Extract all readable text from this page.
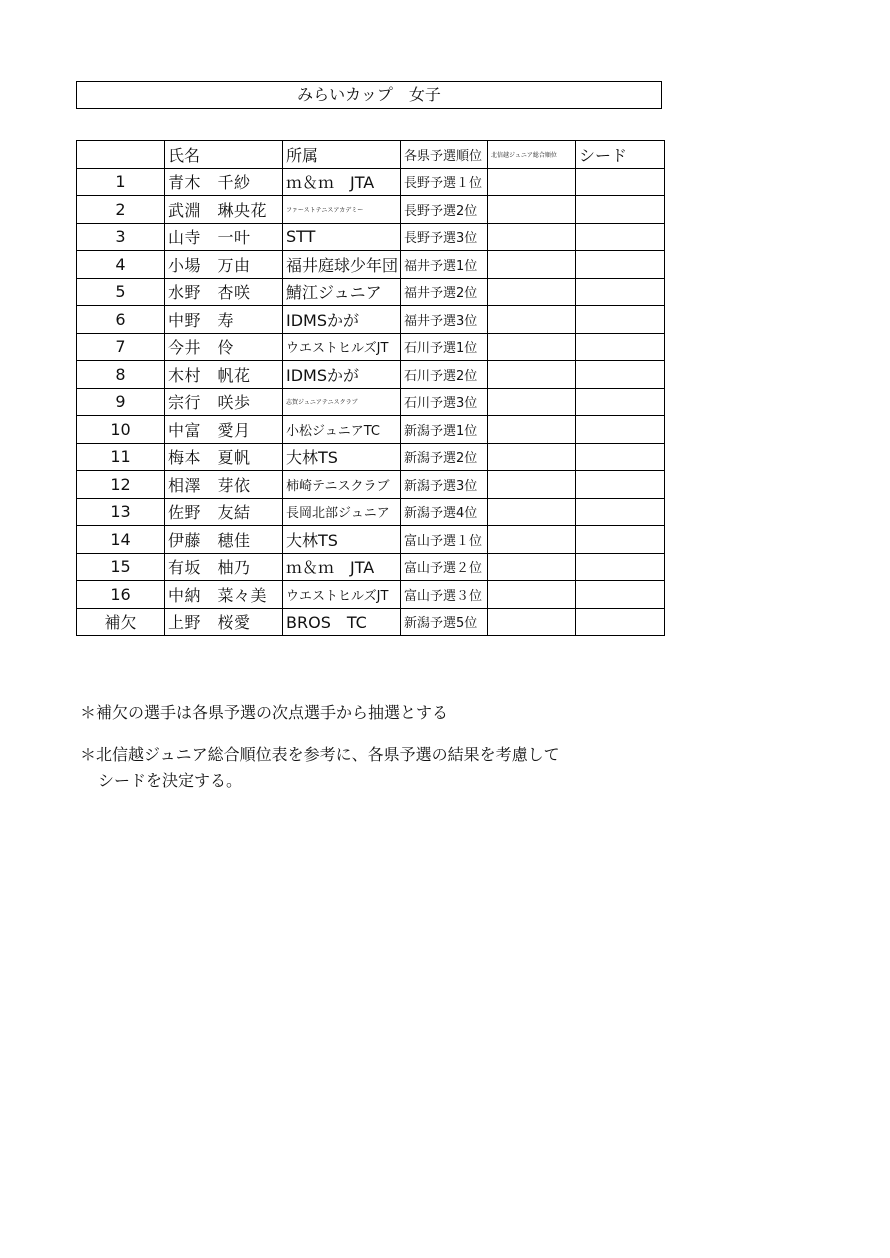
みらいカップ　女子
	氏名	所属	各県予選順位	北信越ジュニア総合順位	シード
1	青木　千紗	ｍ＆ｍ　JTA	長野予選１位		
2	武淵　琳央花	ファーストテニスアカデミー	長野予選2位		
3	山寺　一叶	STT	長野予選3位		
4	小場　万由	福井庭球少年団	福井予選1位		
5	水野　杏咲	鯖江ジュニア	福井予選2位		
6	中野　寿	IDMSかが	福井予選3位		
7	今井　伶	ウエストヒルズJT	石川予選1位		
8	木村　帆花	IDMSかが	石川予選2位		
9	宗行　咲歩	志賀ジュニアテニスクラブ	石川予選3位		
10	中富　愛月	小松ジュニアTC	新潟予選1位		
11	梅本　夏帆	大林TS	新潟予選2位		
12	相澤　芽依	柿崎テニスクラブ	新潟予選3位		
13	佐野　友結	長岡北部ジュニア	新潟予選4位		
14	伊藤　穂佳	大林TS	富山予選１位		
15	有坂　柚乃	ｍ＆ｍ　JTA	富山予選２位		
16	中納　菜々美	ウエストヒルズJT	富山予選３位		
補欠	上野　桜愛	BROS　TC	新潟予選5位		
＊補欠の選手は各県予選の次点選手から抽選とする
＊北信越ジュニア総合順位表を参考に、各県予選の結果を考慮して
シードを決定する。
